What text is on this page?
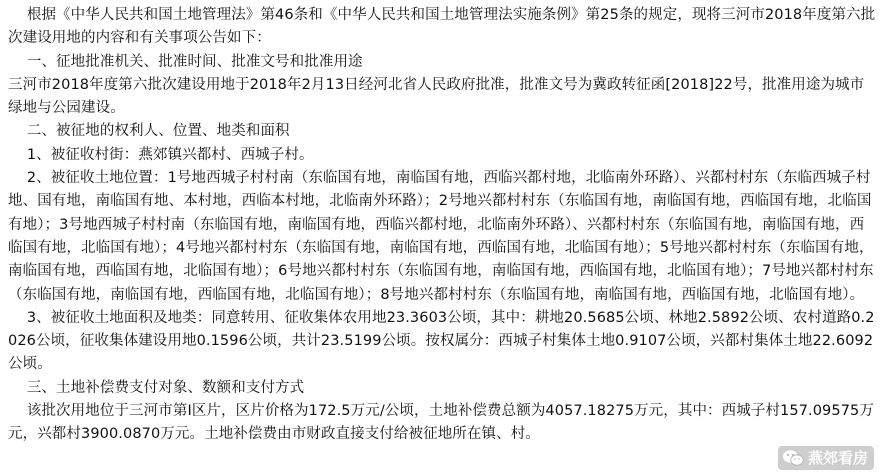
根据《中华人民共和国土地管理法》第46条和《中华人民共和国土地管理法实施条例》第25条的规定，现将三河市2018年度第六批次建设用地的内容和有关事项公告如下：

一、征地批准机关、批准时间、批准文号和批准用途

三河市2018年度第六批次建设用地于2018年2月13日经河北省人民政府批准，批准文号为冀政转征函[2018]22号，批准用途为城市绿地与公园建设。

二、被征地的权利人、位置、地类和面积

1、被征收村街：燕郊镇兴都村、西城子村。

2、被征收土地位置：1号地西城子村村南（东临国有地，南临国有地，西临兴都村地，北临南外环路）、兴都村村东（东临西城子村地、国有地，南临国有地、本村地，西临本村地，北临南外环路）；2号地兴都村村东（东临国有地，南临国有地，西临国有地，北临国有地）；3号地西城子村村南（东临国有地，南临国有地，西临兴都村地，北临南外环路）、兴都村村东（东临国有地，南临国有地，西临国有地，北临国有地）；4号地兴都村村东（东临国有地，南临国有地，西临国有地，北临国有地）；5号地兴都村村东（东临国有地，南临国有地，西临国有地，北临国有地）；6号地兴都村村东（东临国有地，南临国有地，西临国有地，北临国有地）；7号地兴都村村东（东临国有地，南临国有地，西临国有地，北临国有地）；8号地兴都村村东（东临国有地，南临国有地，西临国有地，北临国有地）。

3、被征收土地面积及地类：同意转用、征收集体农用地23.3603公顷，其中：耕地20.5685公顷、林地2.5892公顷、农村道路0.2026公顷，征收集体建设用地0.1596公顷，共计23.5199公顷。按权属分：西城子村集体土地0.9107公顷，兴都村集体土地22.6092公顷。

三、土地补偿费支付对象、数额和支付方式

该批次用地位于三河市第Ⅰ区片，区片价格为172.5万元/公顷，土地补偿费总额为4057.18275万元，其中：西城子村157.09575万元，兴都村3900.0870万元。土地补偿费由市财政直接支付给被征地所在镇、村。

燕郊看房
